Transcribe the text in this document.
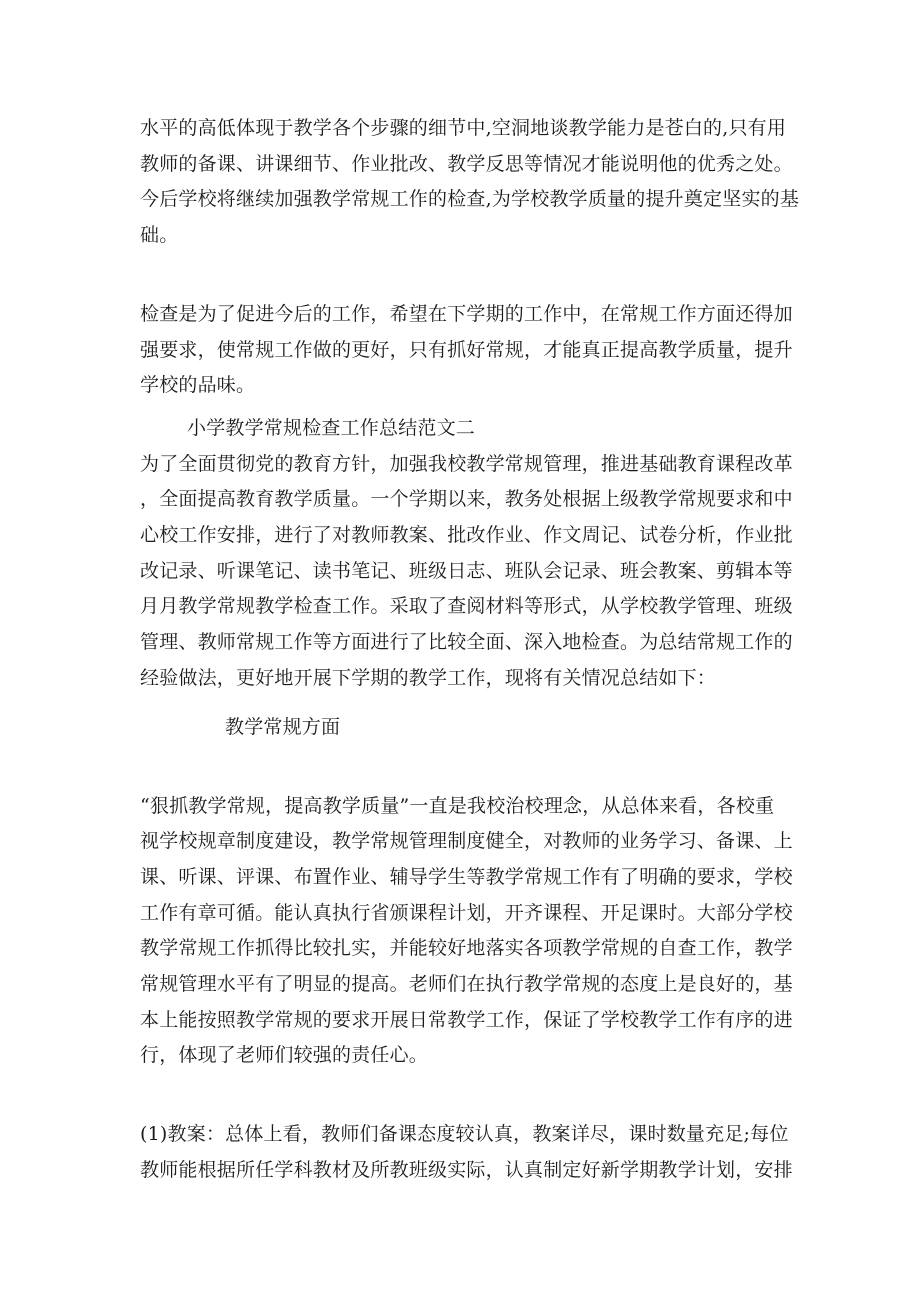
水平的高低体现于教学各个步骤的细节中,空洞地谈教学能力是苍白的,只有用
教师的备课、讲课细节、作业批改、教学反思等情况才能说明他的优秀之处。
今后学校将继续加强教学常规工作的检查,为学校教学质量的提升奠定坚实的基
础。
检查是为了促进今后的工作，希望在下学期的工作中，在常规工作方面还得加
强要求，使常规工作做的更好，只有抓好常规，才能真正提高教学质量，提升
学校的品味。
小学教学常规检查工作总结范文二
为了全面贯彻党的教育方针，加强我校教学常规管理，推进基础教育课程改革
，全面提高教育教学质量。一个学期以来，教务处根据上级教学常规要求和中
心校工作安排，进行了对教师教案、批改作业、作文周记、试卷分析，作业批
改记录、听课笔记、读书笔记、班级日志、班队会记录、班会教案、剪辑本等
月月教学常规教学检查工作。采取了查阅材料等形式，从学校教学管理、班级
管理、教师常规工作等方面进行了比较全面、深入地检查。为总结常规工作的
经验做法，更好地开展下学期的教学工作，现将有关情况总结如下：
教学常规方面
“狠抓教学常规，提高教学质量”一直是我校治校理念，从总体来看，各校重
视学校规章制度建设，教学常规管理制度健全，对教师的业务学习、备课、上
课、听课、评课、布置作业、辅导学生等教学常规工作有了明确的要求，学校
工作有章可循。能认真执行省颁课程计划，开齐课程、开足课时。大部分学校
教学常规工作抓得比较扎实，并能较好地落实各项教学常规的自查工作，教学
常规管理水平有了明显的提高。老师们在执行教学常规的态度上是良好的，基
本上能按照教学常规的要求开展日常教学工作，保证了学校教学工作有序的进
行，体现了老师们较强的责任心。
(1)教案：总体上看，教师们备课态度较认真，教案详尽，课时数量充足;每位
教师能根据所任学科教材及所教班级实际，认真制定好新学期教学计划，安排
